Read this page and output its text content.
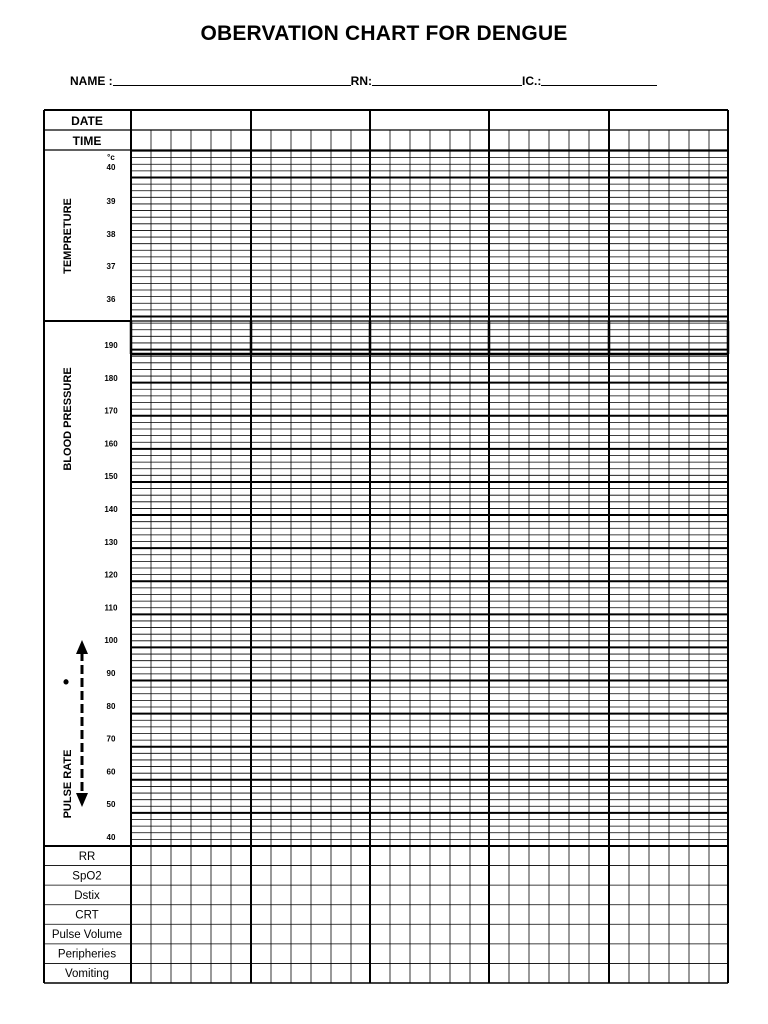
OBERVATION CHART FOR DENGUE
NAME :	RN:	IC.:
DATE
TIME
°c
TEMPRETURE
BLOOD PRESSURE
PULSE RATE
•
RR
SpO2
Dstix
CRT
Pulse Volume
Peripheries
Vomiting
40
39
38
37
36
190
180
170
160
150
140
130
120
110
100
90
80
70
60
50
40
